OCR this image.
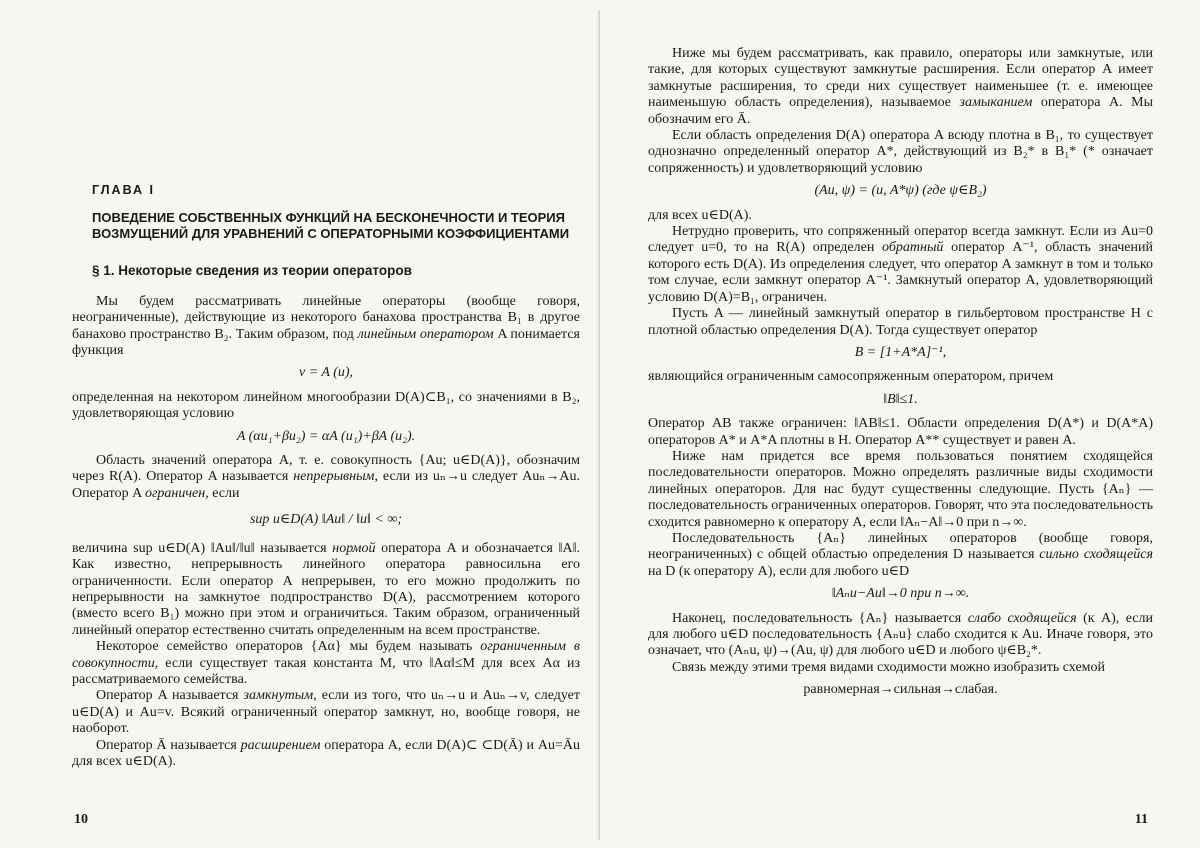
ГЛАВА I
ПОВЕДЕНИЕ СОБСТВЕННЫХ ФУНКЦИЙ НА БЕСКОНЕЧНОСТИ И ТЕОРИЯ ВОЗМУЩЕНИЙ ДЛЯ УРАВНЕНИЙ С ОПЕРАТОРНЫМИ КОЭФФИЦИЕНТАМИ
§ 1. Некоторые сведения из теории операторов

Мы будем рассматривать линейные операторы (вообще говоря, неограниченные), действующие из некоторого банахова пространства B₁ в другое банахово пространство B₂. Таким образом, под линейным оператором A понимается функция

v = A (u),

определенная на некотором линейном многообразии D(A)⊂B₁, со значениями в B₂, удовлетворяющая условию

A (αu₁+βu₂) = αA (u₁)+βA (u₂).

Область значений оператора A, т. е. совокупность {Au; u∈D(A)}, обозначим через R(A). Оператор A называется непрерывным, если из uₙ→u следует Auₙ→Au. Оператор A ограничен, если

sup u∈D(A) ‖Au‖ / ‖u‖ < ∞;

величина sup u∈D(A) ‖Au‖/‖u‖ называется нормой оператора A и обозначается ‖A‖. Как известно, непрерывность линейного оператора равносильна его ограниченности. Если оператор A непрерывен, то его можно продолжить по непрерывности на замкнутое подпространство D(A), рассмотрением которого (вместо всего B₁) можно при этом и ограничиться. Таким образом, ограниченный линейный оператор естественно считать определенным на всем пространстве.

Некоторое семейство операторов {Aα} мы будем называть ограниченным в совокупности, если существует такая константа M, что ‖Aα‖≤M для всех Aα из рассматриваемого семейства.

Оператор A называется замкнутым, если из того, что uₙ→u и Auₙ→v, следует u∈D(A) и Au=v. Всякий ограниченный оператор замкнут, но, вообще говоря, не наоборот.

Оператор Ā называется расширением оператора A, если D(A)⊂ ⊂D(Ā) и Au=Āu для всех u∈D(A).

10

Ниже мы будем рассматривать, как правило, операторы или замкнутые, или такие, для которых существуют замкнутые расширения. Если оператор A имеет замкнутые расширения, то среди них существует наименьшее (т. е. имеющее наименьшую область определения), называемое замыканием оператора A. Мы обозначим его Ā.

Если область определения D(A) оператора A всюду плотна в B₁, то существует однозначно определенный оператор A*, действующий из B₂* в B₁* (* означает сопряженность) и удовлетворяющий условию

(Au, ψ) = (u, A*ψ) (где ψ∈B₂)

для всех u∈D(A).

Нетрудно проверить, что сопряженный оператор всегда замкнут. Если из Au=0 следует u=0, то на R(A) определен обратный оператор A⁻¹, область значений которого есть D(A). Из определения следует, что оператор A замкнут в том и только том случае, если замкнут оператор A⁻¹. Замкнутый оператор A, удовлетворяющий условию D(A)=B₁, ограничен.

Пусть A — линейный замкнутый оператор в гильбертовом пространстве H с плотной областью определения D(A). Тогда существует оператор

B = [1+A*A]⁻¹,

являющийся ограниченным самосопряженным оператором, причем

‖B‖≤1.

Оператор AB также ограничен: ‖AB‖≤1. Области определения D(A*) и D(A*A) операторов A* и A*A плотны в H. Оператор A** существует и равен A.

Ниже нам придется все время пользоваться понятием сходящейся последовательности операторов. Можно определять различные виды сходимости линейных операторов. Для нас будут существенны следующие. Пусть {Aₙ} — последовательность ограниченных операторов. Говорят, что эта последовательность сходится равномерно к оператору A, если ‖Aₙ−A‖→0 при n→∞.

Последовательность {Aₙ} линейных операторов (вообще говоря, неограниченных) с общей областью определения D называется сильно сходящейся на D (к оператору A), если для любого u∈D

‖Aₙu−Au‖→0 при n→∞.

Наконец, последовательность {Aₙ} называется слабо сходящейся (к A), если для любого u∈D последовательность {Aₙu} слабо сходится к Au. Иначе говоря, это означает, что (Aₙu, ψ)→(Au, ψ) для любого u∈D и любого ψ∈B₂*.

Связь между этими тремя видами сходимости можно изобразить схемой

равномерная→сильная→слабая.
11
